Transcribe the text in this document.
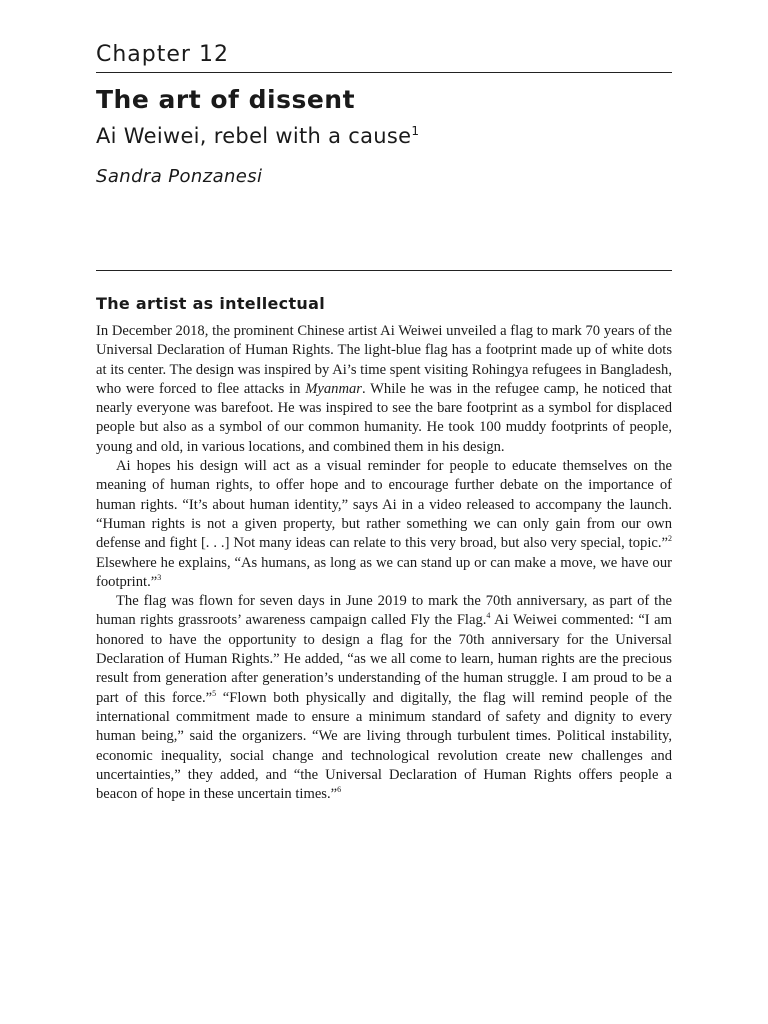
Chapter 12
The art of dissent
Ai Weiwei, rebel with a cause$^1$
Sandra Ponzanesi
The artist as intellectual

In December 2018, the prominent Chinese artist Ai Weiwei unveiled a flag to mark 70 years of the Universal Declaration of Human Rights. The light-blue flag has a footprint made up of white dots at its center. The design was inspired by Ai’s time spent visiting Rohingya refugees in Bangladesh, who were forced to flee attacks in Myanmar. While he was in the refugee camp, he noticed that nearly everyone was barefoot. He was inspired to see the bare footprint as a symbol for displaced people but also as a symbol of our common humanity. He took 100 muddy footprints of people, young and old, in various locations, and combined them in his design.

Ai hopes his design will act as a visual reminder for people to educate themselves on the meaning of human rights, to offer hope and to encourage further debate on the importance of human rights. “It’s about human identity,” says Ai in a video released to accompany the launch. “Human rights is not a given property, but rather something we can only gain from our own defense and fight [. . .] Not many ideas can relate to this very broad, but also very special, topic.”$^2$ Elsewhere he explains, “As humans, as long as we can stand up or can make a move, we have our footprint.”$^3$

The flag was flown for seven days in June 2019 to mark the 70th anniversary, as part of the human rights grassroots’ awareness campaign called Fly the Flag.$^4$ Ai Weiwei commented: “I am honored to have the opportunity to design a flag for the 70th anniversary for the Universal Declaration of Human Rights.” He added, “as we all come to learn, human rights are the precious result from generation after generation’s understanding of the human struggle. I am proud to be a part of this force.”$^5$ “Flown both physically and digitally, the flag will remind people of the international commitment made to ensure a minimum standard of safety and dignity to every human being,” said the organizers. “We are living through turbulent times. Political instability, economic inequality, social change and technological revolution create new challenges and uncertainties,” they added, and “the Universal Declaration of Human Rights offers people a beacon of hope in these uncertain times.”$^6$
